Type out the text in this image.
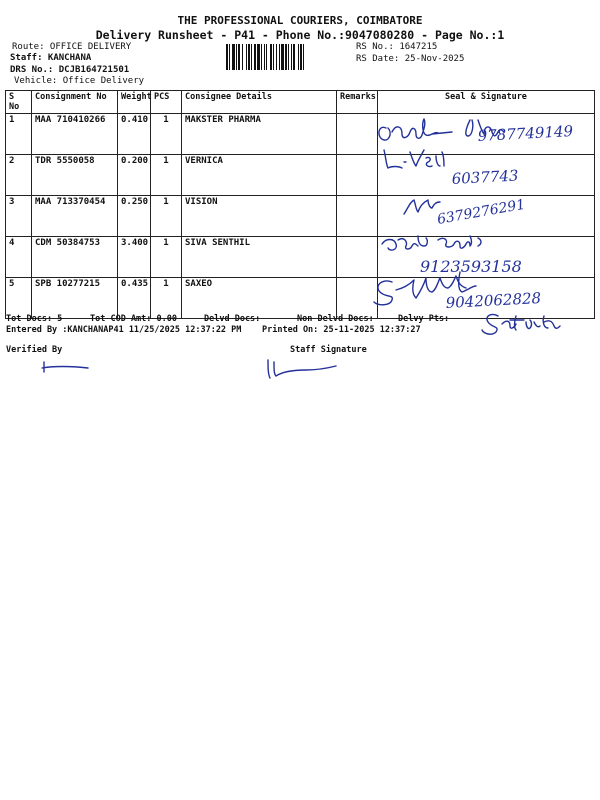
THE PROFESSIONAL COURIERS, COIMBATORE
Delivery Runsheet - P41 - Phone No.:9047080280 - Page No.:1
Route: OFFICE DELIVERY
Staff: KANCHANA
DRS No.: DCJB164721501
Vehicle: Office Delivery
RS No.: 1647215
RS Date: 25-Nov-2025
S No	Consignment No	Weight	PCS	Consignee Details	Remarks	Seal & Signature
1	MAA 710410266	0.410	1	MAKSTER PHARMA		
2	TDR 5550058	0.200	1	VERNICA		
3	MAA 713370454	0.250	1	VISION		
4	CDM 50384753	3.400	1	SIVA SENTHIL		
5	SPB 10277215	0.435	1	SAXEO		
Tot Docs: 5	Tot COD Amt: 0.00	Delvd Docs:	Non Delvd Docs:	Delvy Pts:
Entered By :KANCHANAP41 11/25/2025 12:37:22 PM Printed On: 25-11-2025 12:37:27
Verified By	Staff Signature
9787749149
6037743
6379276291
9123593158
9042062828
